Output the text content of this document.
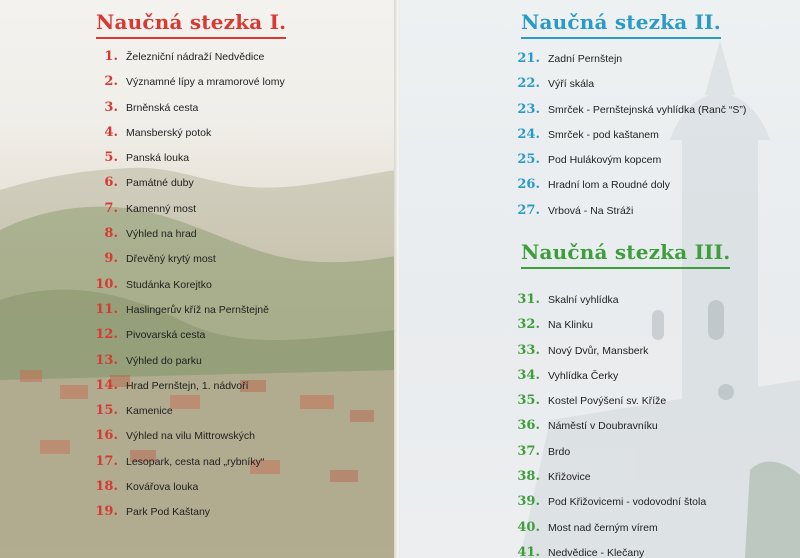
Naučná stezka I.
1. Železniční nádraží Nedvědice
2. Významné lípy a mramorové lomy
3. Brněnská cesta
4. Mansberský potok
5. Panská louka
6. Památné duby
7. Kamenný most
8. Výhled na hrad
9. Dřevěný krytý most
10. Studánka Korejtko
11. Haslingerův kříž na Pernštejně
12. Pivovarská cesta
13. Výhled do parku
14. Hrad Pernštejn, 1. nádvoří
15. Kamenice
16. Výhled na vilu Mittrowských
17. Lesopark, cesta nad „rybníky“
18. Kovářova louka
19. Park Pod Kaštany
Naučná stezka II.
21. Zadní Pernštejn
22. Výří skála
23. Smrček - Pernštejnská vyhlídka (Ranč “S”)
24. Smrček - pod kaštanem
25. Pod Hulákovým kopcem
26. Hradní lom a Roudné doly
27. Vrbová - Na Stráži
Naučná stezka III.
31. Skalní vyhlídka
32. Na Klinku
33. Nový Dvůr, Mansberk
34. Vyhlídka Čerky
35. Kostel Povýšení sv. Kříže
36. Náměstí v Doubravníku
37. Brdo
38. Křižovice
39. Pod Křižovicemi - vodovodní štola
40. Most nad černým vírem
41. Nedvědice - Klečany
